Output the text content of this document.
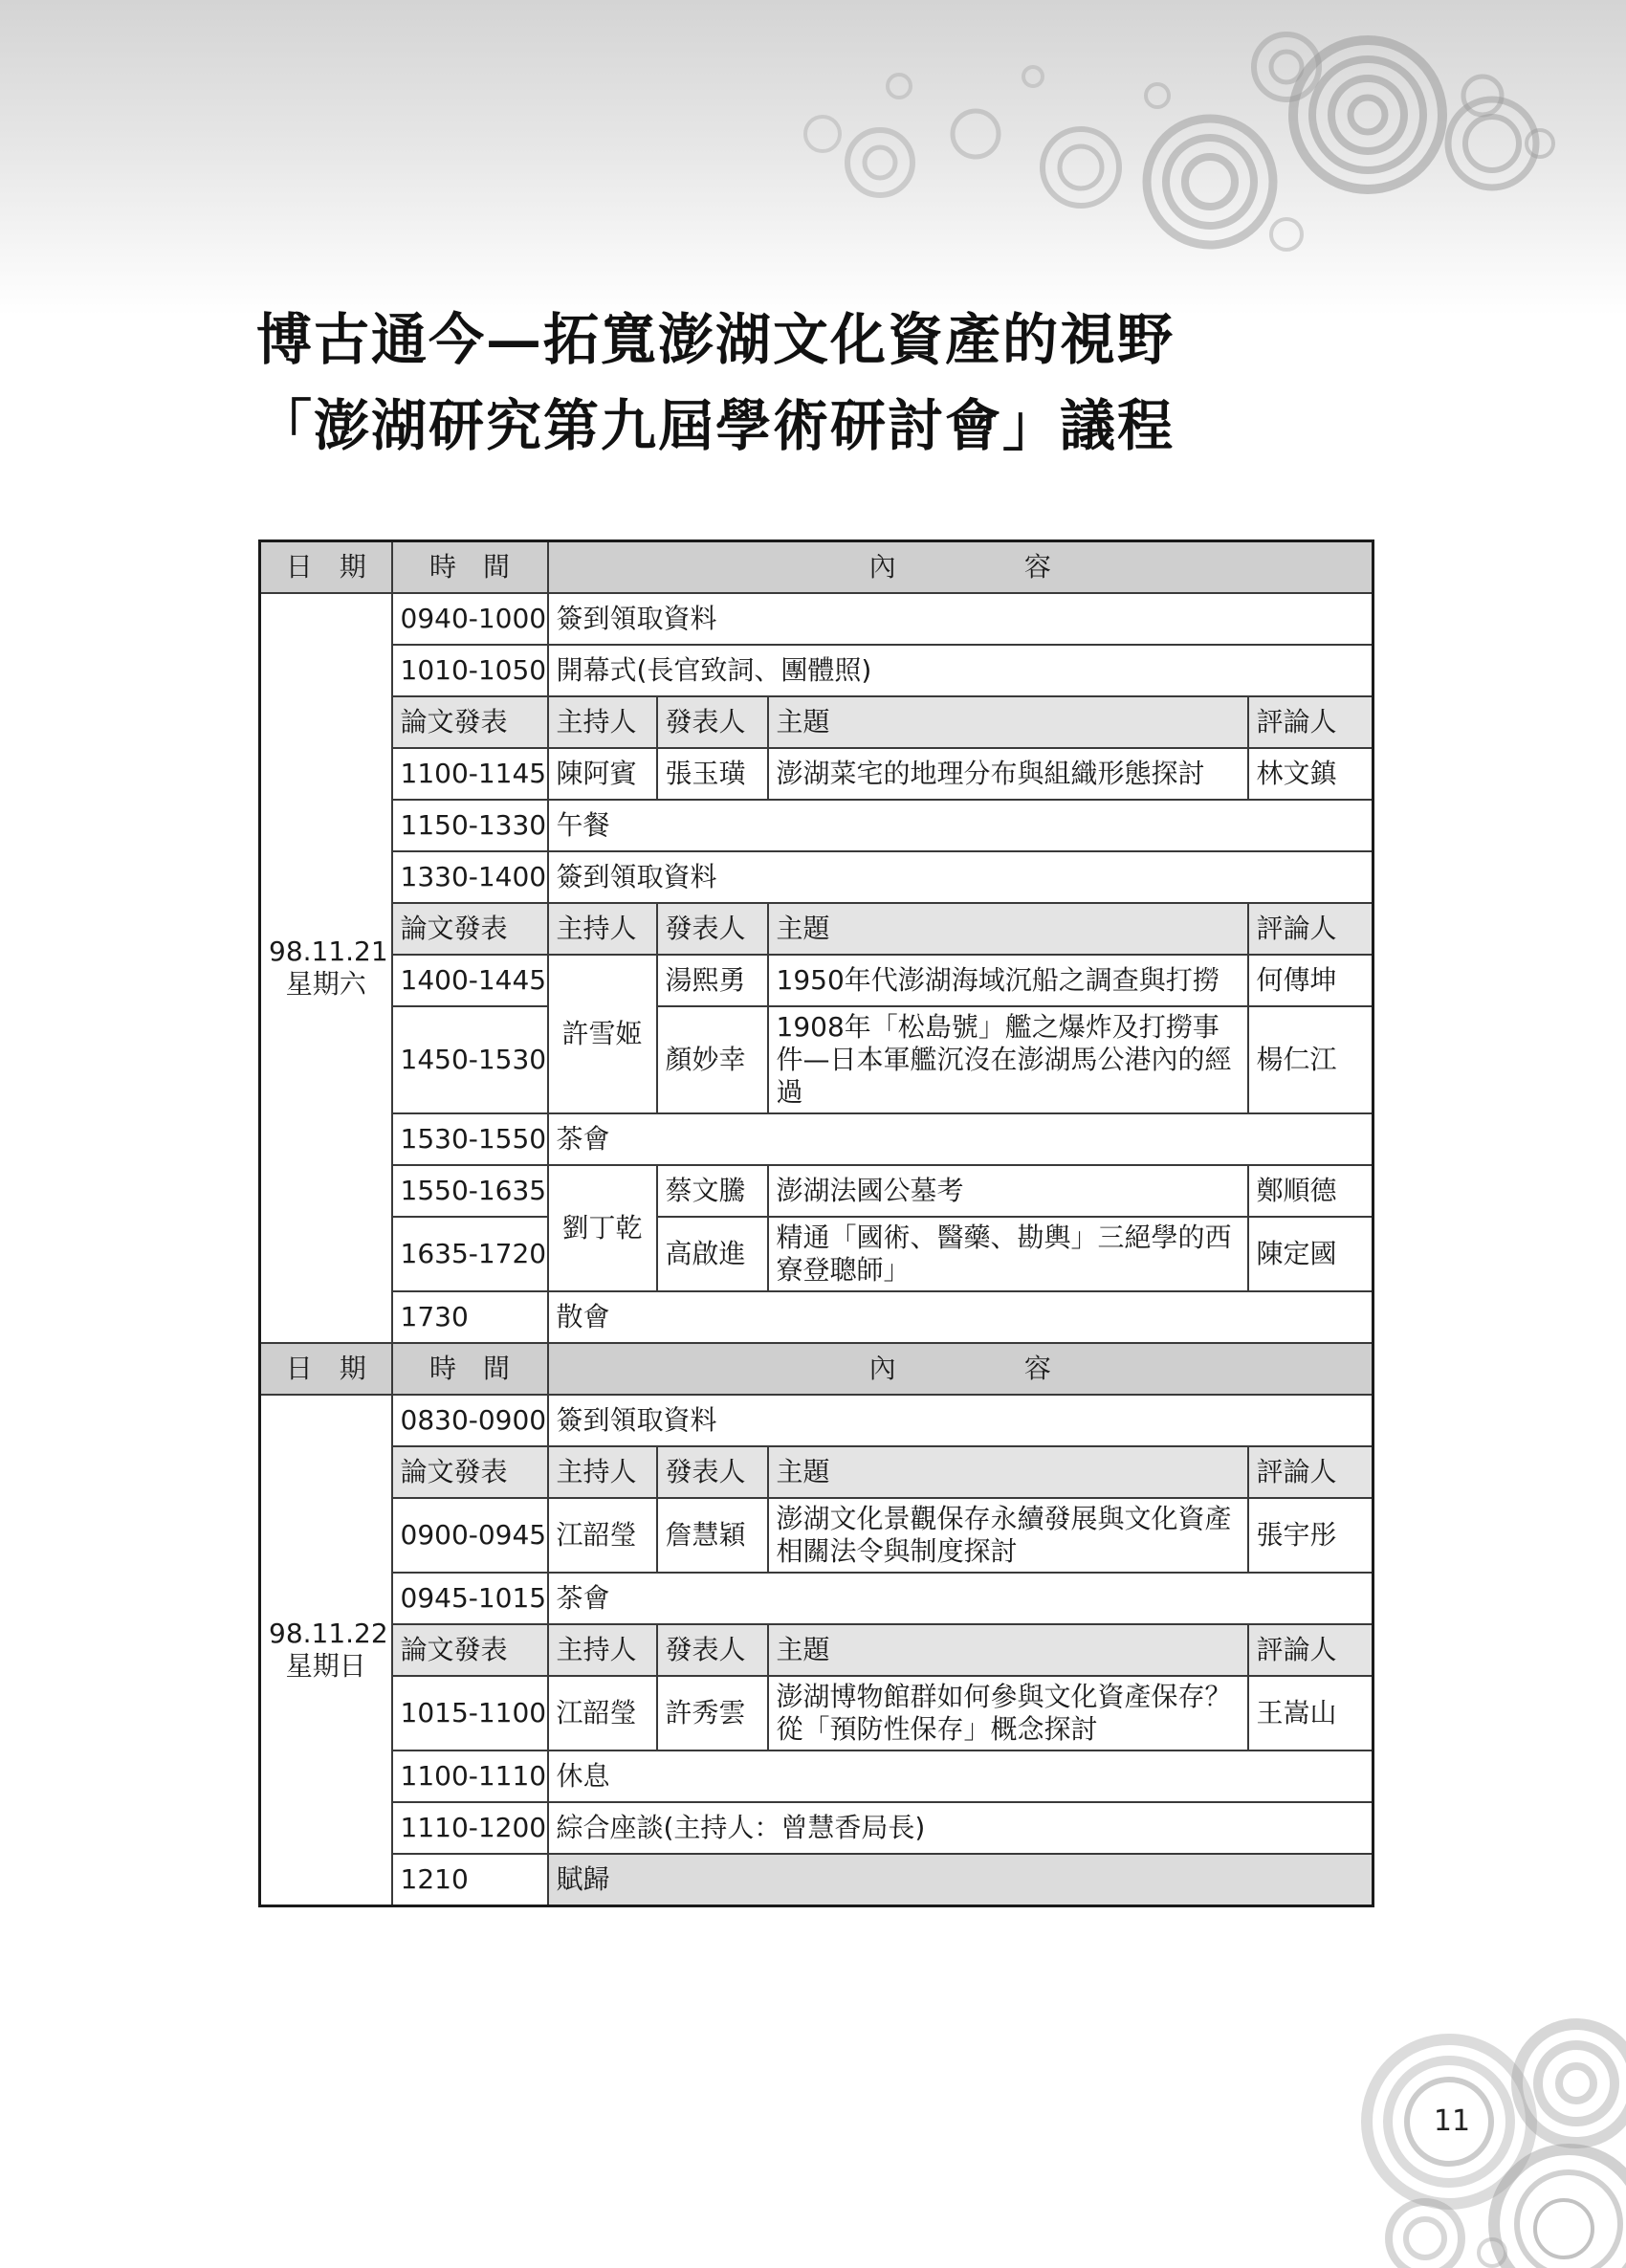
博古通今—拓寬澎湖文化資產的視野
「澎湖研究第九屆學術研討會」議程
日　期	時　間	內 容			

98.11.21
星期六	0940-1000	簽到領取資料			
	1010-1050	開幕式(長官致詞、團體照)			
	論文發表	主持人	發表人	主題	評論人
	1100-1145	陳阿賓	張玉璜	澎湖菜宅的地理分布與組織形態探討	林文鎮
	1150-1330	午餐			
	1330-1400	簽到領取資料			
	論文發表	主持人	發表人	主題	評論人
	1400-1445	許雪姬	湯熙勇	1950年代澎湖海域沉船之調查與打撈	何傳坤
	1450-1530		顏妙幸	1908年「松島號」艦之爆炸及打撈事件—日本軍艦沉沒在澎湖馬公港內的經過	楊仁江
	1530-1550	茶會			
	1550-1635	劉丁乾	蔡文騰	澎湖法國公墓考	鄭順德
	1635-1720		高啟進	精通「國術、醫藥、勘輿」三絕學的西寮登聰師」	陳定國
	1730	散會			
日　期	時　間	內 容			

98.11.22
星期日	0830-0900	簽到領取資料			
	論文發表	主持人	發表人	主題	評論人
	0900-0945	江韶瑩	詹慧穎	澎湖文化景觀保存永續發展與文化資產相關法令與制度探討	張宇彤
	0945-1015	茶會			
	論文發表	主持人	發表人	主題	評論人
	1015-1100	江韶瑩	許秀雲	澎湖博物館群如何參與文化資產保存？從「預防性保存」概念探討	王嵩山
	1100-1110	休息			
	1110-1200	綜合座談(主持人：曾慧香局長)			
	1210	賦歸			
11
